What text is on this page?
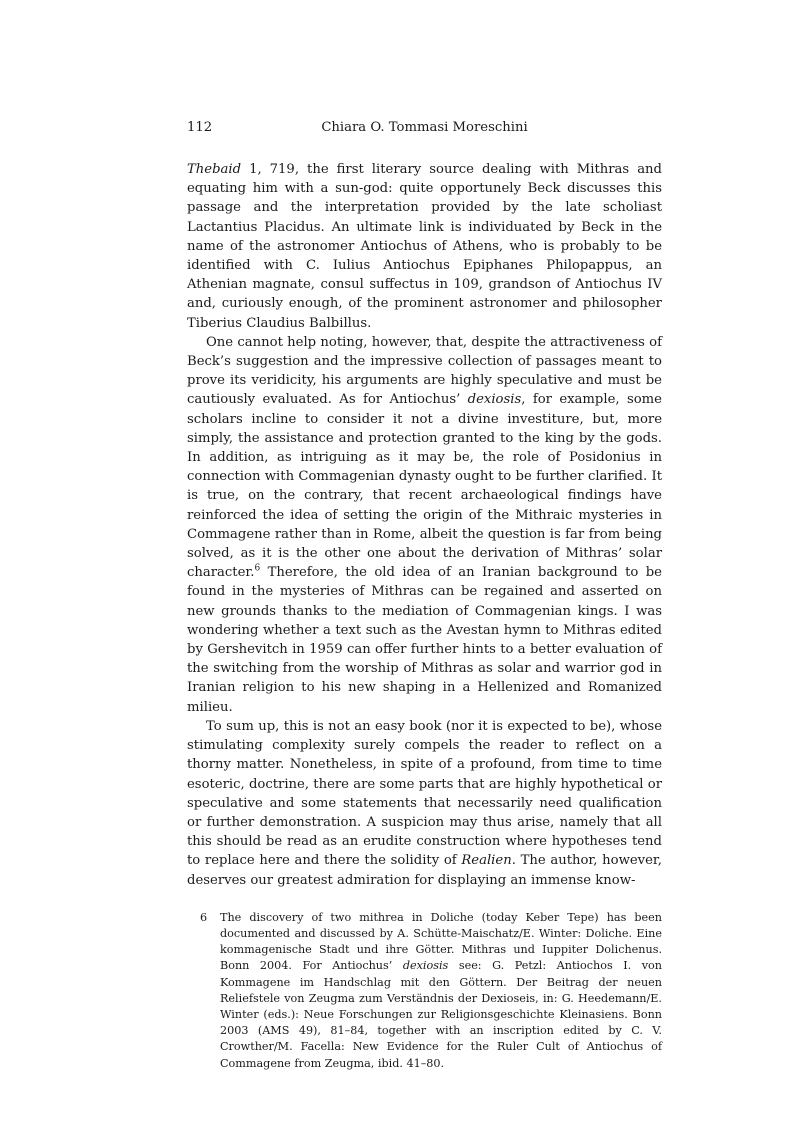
112	Chiara O. Tommasi Moreschini

Thebaid 1, 719, the first literary source dealing with Mithras and equating him with a sun-god: quite opportunely Beck discusses this passage and the interpretation provided by the late scholiast Lactantius Placidus. An ultimate link is individuated by Beck in the name of the astronomer Antiochus of Athens, who is probably to be identified with C. Iulius Antiochus Epiphanes Philopappus, an Athenian magnate, consul suffectus in 109, grandson of Antiochus IV and, curiously enough, of the prominent astronomer and philosopher Tiberius Claudius Balbillus.

One cannot help noting, however, that, despite the attractiveness of Beck’s suggestion and the impressive collection of passages meant to prove its veridicity, his arguments are highly speculative and must be cautiously evaluated. As for Antiochus’ dexiosis, for example, some scholars incline to consider it not a divine investiture, but, more simply, the assistance and protection granted to the king by the gods. In addition, as intriguing as it may be, the role of Posidonius in connection with Commagenian dynasty ought to be further clarified. It is true, on the contrary, that recent archaeological findings have reinforced the idea of setting the origin of the Mithraic mysteries in Commagene rather than in Rome, albeit the question is far from being solved, as it is the other one about the derivation of Mithras’ solar character.$^6$ Therefore, the old idea of an Iranian background to be found in the mysteries of Mithras can be regained and asserted on new grounds thanks to the mediation of Commagenian kings. I was wondering whether a text such as the Avestan hymn to Mithras edited by Gershevitch in 1959 can offer further hints to a better evaluation of the switching from the worship of Mithras as solar and warrior god in Iranian religion to his new shaping in a Hellenized and Romanized milieu.

To sum up, this is not an easy book (nor it is expected to be), whose stimulating complexity surely compels the reader to reflect on a thorny matter. Nonetheless, in spite of a profound, from time to time esoteric, doctrine, there are some parts that are highly hypothetical or speculative and some statements that necessarily need qualification or further demonstration. A suspicion may thus arise, namely that all this should be read as an erudite construction where hypotheses tend to replace here and there the solidity of Realien. The author, however, deserves our greatest admiration for displaying an immense know-

6 The discovery of two mithrea in Doliche (today Keber Tepe) has been documented and discussed by A. Schütte-Maischatz/E. Winter: Doliche. Eine kommagenische Stadt und ihre Götter. Mithras und Iuppiter Dolichenus. Bonn 2004. For Antiochus’ dexiosis see: G. Petzl: Antiochos I. von Kommagene im Handschlag mit den Göttern. Der Beitrag der neuen Reliefstele von Zeugma zum Verständnis der Dexioseis, in: G. Heedemann/E. Winter (eds.): Neue Forschungen zur Religionsgeschichte Kleinasiens. Bonn 2003 (AMS 49), 81–84, together with an inscription edited by C. V. Crowther/M. Facella: New Evidence for the Ruler Cult of Antiochus of Commagene from Zeugma, ibid. 41–80.
